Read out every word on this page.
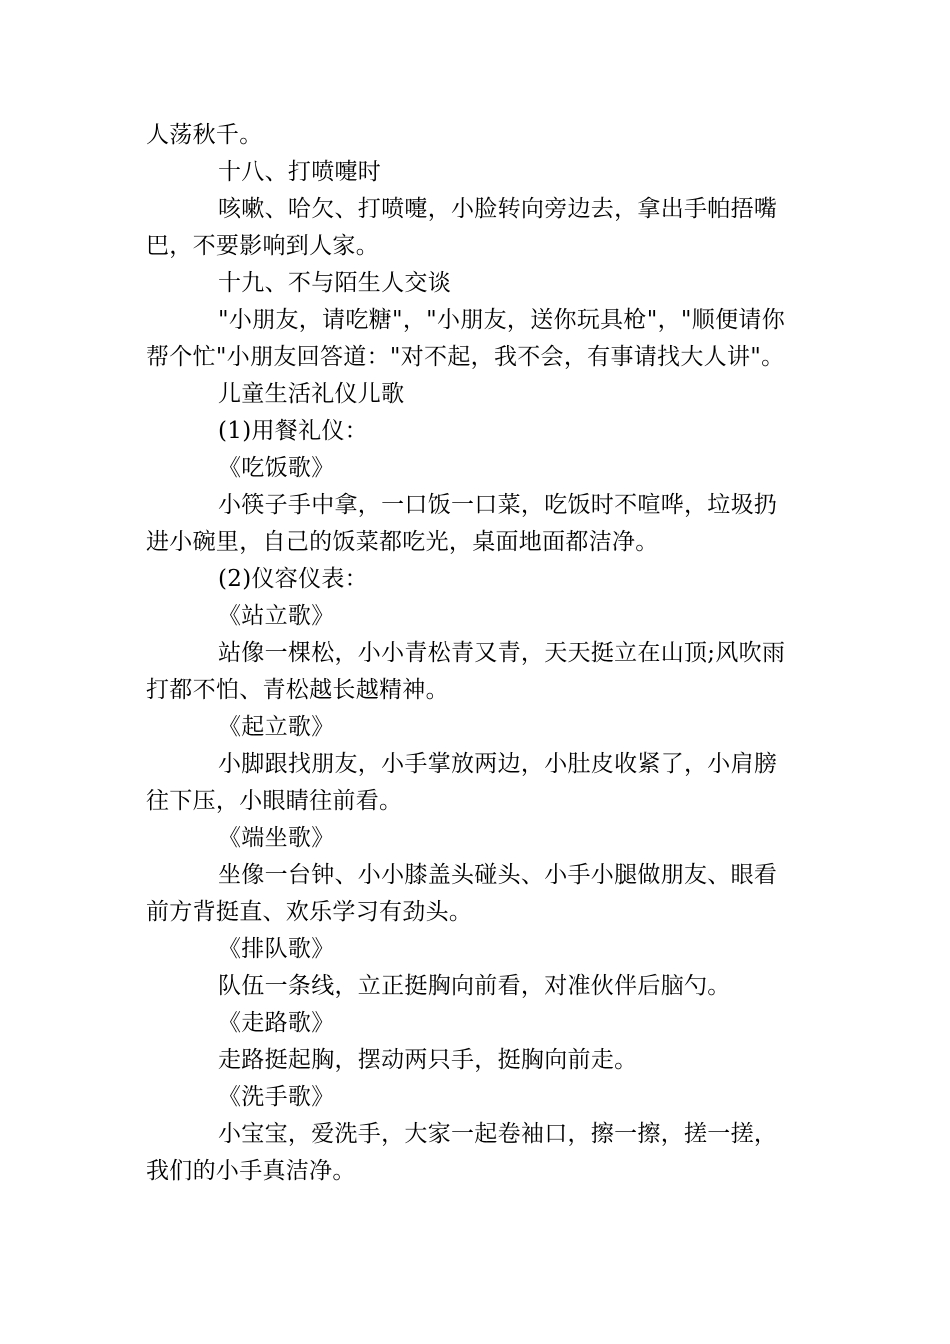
人荡秋千。
十八、打喷嚏时
咳嗽、哈欠、打喷嚏，小脸转向旁边去，拿出手帕捂嘴
巴，不要影响到人家。
十九、不与陌生人交谈
"小朋友，请吃糖"，"小朋友，送你玩具枪"，"顺便请你
帮个忙"小朋友回答道："对不起，我不会，有事请找大人讲"。
儿童生活礼仪儿歌
(1)用餐礼仪：
《吃饭歌》
小筷子手中拿，一口饭一口菜，吃饭时不喧哗，垃圾扔
进小碗里，自己的饭菜都吃光，桌面地面都洁净。
(2)仪容仪表：
《站立歌》
站像一棵松，小小青松青又青，天天挺立在山顶;风吹雨
打都不怕、青松越长越精神。
《起立歌》
小脚跟找朋友，小手掌放两边，小肚皮收紧了，小肩膀
往下压，小眼睛往前看。
《端坐歌》
坐像一台钟、小小膝盖头碰头、小手小腿做朋友、眼看
前方背挺直、欢乐学习有劲头。
《排队歌》
队伍一条线，立正挺胸向前看，对准伙伴后脑勺。
《走路歌》
走路挺起胸，摆动两只手，挺胸向前走。
《洗手歌》
小宝宝，爱洗手，大家一起卷袖口，擦一擦，搓一搓，
我们的小手真洁净。
